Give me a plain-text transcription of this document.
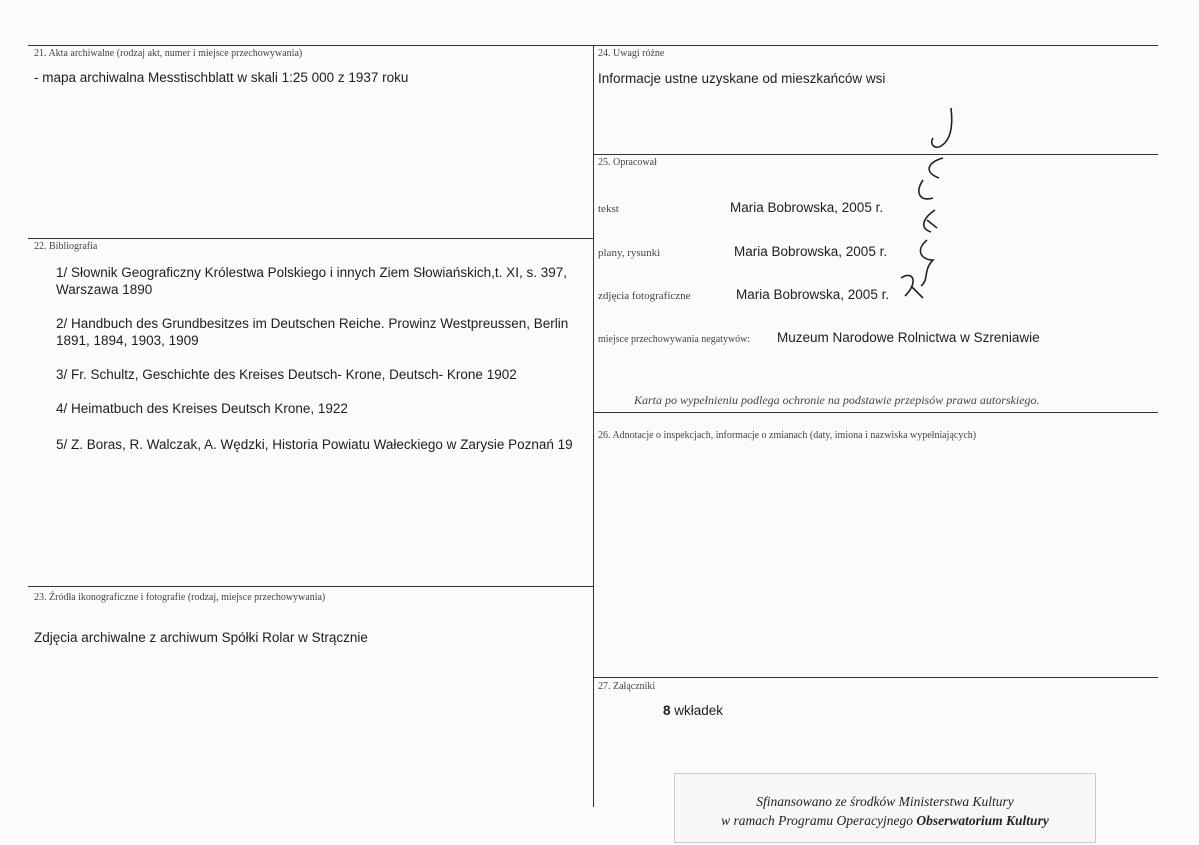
21. Akta archiwalne (rodzaj akt, numer i miejsce przechowywania)
- mapa archiwalna Messtischblatt w skali 1:25 000 z 1937 roku
22. Bibliografia
1/ Słownik Geograficzny Królestwa Polskiego i innych Ziem Słowiańskich,t. XI, s. 397, Warszawa 1890
2/ Handbuch des Grundbesitzes im Deutschen Reiche. Prowinz Westpreussen, Berlin 1891, 1894, 1903, 1909
3/ Fr. Schultz, Geschichte des Kreises Deutsch- Krone, Deutsch- Krone 1902
4/ Heimatbuch des Kreises Deutsch Krone, 1922
5/ Z. Boras, R. Walczak, A. Wędzki, Historia Powiatu Wałeckiego w Zarysie Poznań 19
23. Źródła ikonograficzne i fotografie (rodzaj, miejsce przechowywania)
Zdjęcia archiwalne z archiwum Spółki Rolar w Strącznie
24. Uwagi różne
Informacje ustne uzyskane od mieszkańców wsi
25. Opracował
tekst	Maria Bobrowska, 2005 r.
plany, rysunki	Maria Bobrowska, 2005 r.
zdjęcia fotograficzne	Maria Bobrowska, 2005 r.
miejsce przechowywania negatywów: Muzeum Narodowe Rolnictwa w Szreniawie
Karta po wypełnieniu podlega ochronie na podstawie przepisów prawa autorskiego.
26. Adnotacje o inspekcjach, informacje o zmianach (daty, imiona i nazwiska wypełniających)
27. Załączniki
8 wkładek
Sfinansowano ze środków Ministerstwa Kultury
w ramach Programu Operacyjnego Obserwatorium Kultury
